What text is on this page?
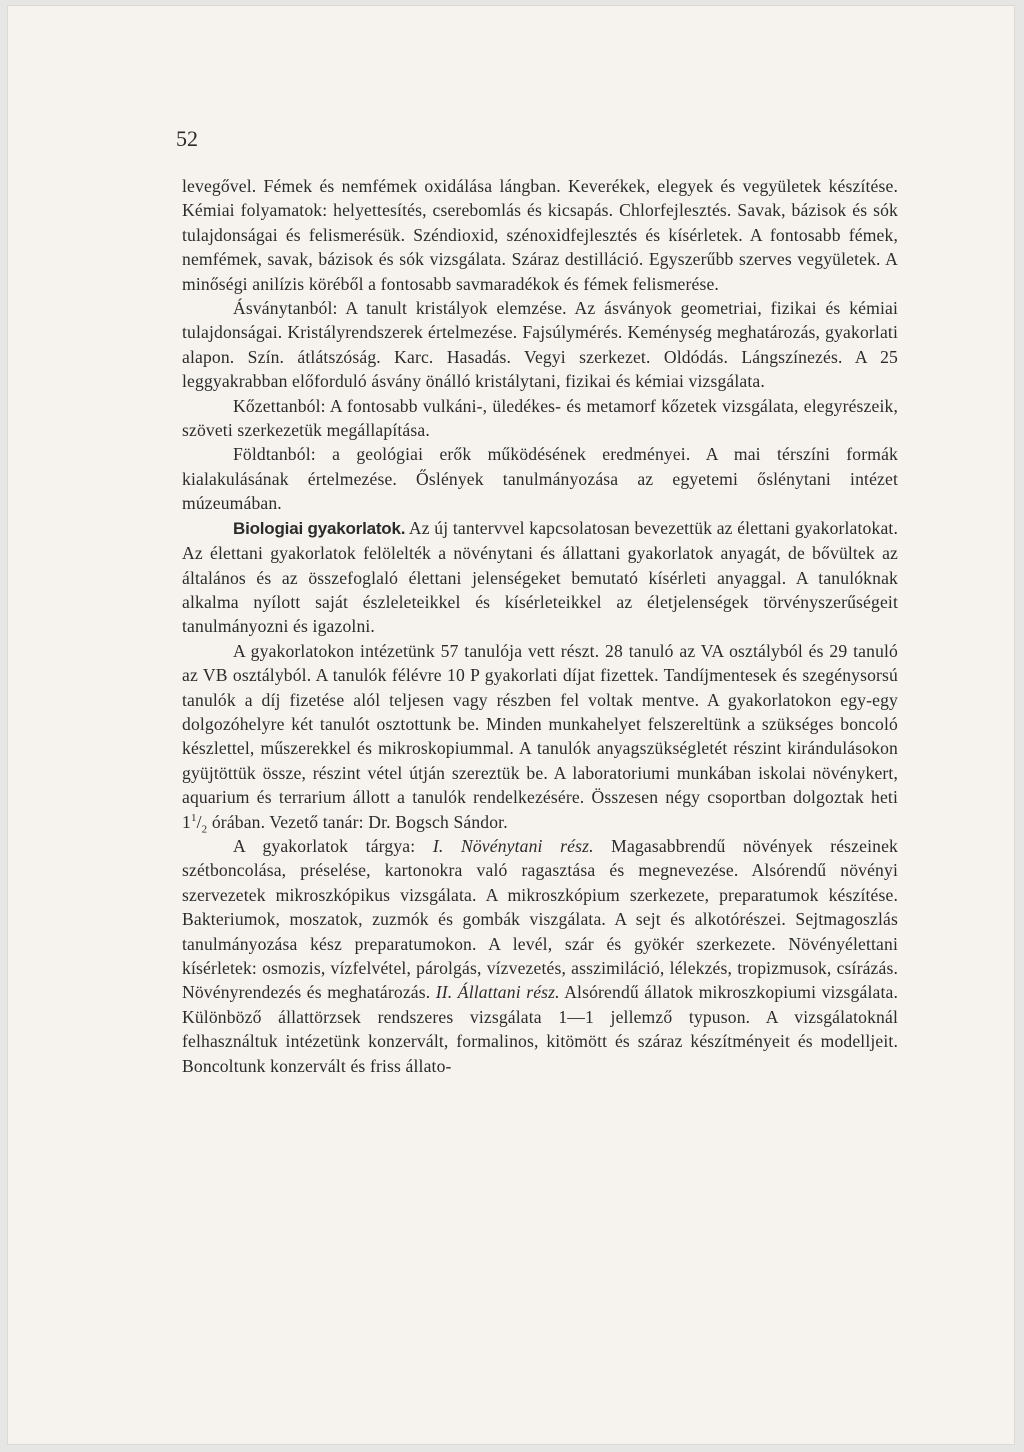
52

levegővel. Fémek és nemfémek oxidálása lángban. Keverékek, elegyek és vegyületek készítése. Kémiai folyamatok: helyettesítés, cserebomlás és kicsapás. Chlorfejlesztés. Savak, bázisok és sók tulajdonságai és felismerésük. Széndioxid, szénoxidfejlesztés és kísérletek. A fontosabb fémek, nemfémek, savak, bázisok és sók vizsgálata. Száraz destilláció. Egyszerűbb szerves vegyületek. A minőségi anilízis köréből a fontosabb savmaradékok és fémek felismerése.

Ásványtanból: A tanult kristályok elemzése. Az ásványok geometriai, fizikai és kémiai tulajdonságai. Kristályrendszerek értelmezése. Fajsúlymérés. Keménység meghatározás, gyakorlati alapon. Szín. átlátszóság. Karc. Hasadás. Vegyi szerkezet. Oldódás. Lángszínezés. A 25 leggyakrabban előforduló ásvány önálló kristálytani, fizikai és kémiai vizsgálata.

Kőzettanból: A fontosabb vulkáni-, üledékes- és metamorf kőzetek vizsgálata, elegyrészeik, szöveti szerkezetük megállapítása.

Földtanból: a geológiai erők működésének eredményei. A mai térszíni formák kialakulásának értelmezése. Őslények tanulmányozása az egyetemi őslénytani intézet múzeumában.

Biologiai gyakorlatok. Az új tantervvel kapcsolatosan bevezettük az élettani gyakorlatokat. Az élettani gyakorlatok felölelték a növénytani és állattani gyakorlatok anyagát, de bővültek az általános és az összefoglaló élettani jelenségeket bemutató kísérleti anyaggal. A tanulóknak alkalma nyílott saját észleleteikkel és kísérleteikkel az életjelenségek törvényszerűségeit tanulmányozni és igazolni.

A gyakorlatokon intézetünk 57 tanulója vett részt. 28 tanuló az VA osztályból és 29 tanuló az VB osztályból. A tanulók félévre 10 P gyakorlati díjat fizettek. Tandíjmentesek és szegénysorsú tanulók a díj fizetése alól teljesen vagy részben fel voltak mentve. A gyakorlatokon egy-egy dolgozóhelyre két tanulót osztottunk be. Minden munkahelyet felszereltünk a szükséges boncoló készlettel, műszerekkel és mikroskopiummal. A tanulók anyagszükségletét részint kirándulásokon gyüjtöttük össze, részint vétel útján szereztük be. A laboratoriumi munkában iskolai növénykert, aquarium és terrarium állott a tanulók rendelkezésére. Összesen négy csoportban dolgoztak heti $1^1/_2$ órában. Vezető tanár: Dr. Bogsch Sándor.

A gyakorlatok tárgya: I. Növénytani rész. Magasabbrendű növények részeinek szétboncolása, préselése, kartonokra való ragasztása és megnevezése. Alsórendű növényi szervezetek mikroszkópikus vizsgálata. A mikroszkópium szerkezete, preparatumok készítése. Bakteriumok, moszatok, zuzmók és gombák viszgálata. A sejt és alkotórészei. Sejtmagoszlás tanulmányozása kész preparatumokon. A levél, szár és gyökér szerkezete. Növényélettani kísérletek: osmozis, vízfelvétel, párolgás, vízvezetés, asszimiláció, lélekzés, tropizmusok, csírázás. Növényrendezés és meghatározás. II. Állattani rész. Alsórendű állatok mikroszkopiumi vizsgálata. Különböző állattörzsek rendszeres vizsgálata 1—1 jellemző typuson. A vizsgálatoknál felhasználtuk intézetünk konzervált, formalinos, kitömött és száraz készítményeit és modelljeit. Boncoltunk konzervált és friss állato-
